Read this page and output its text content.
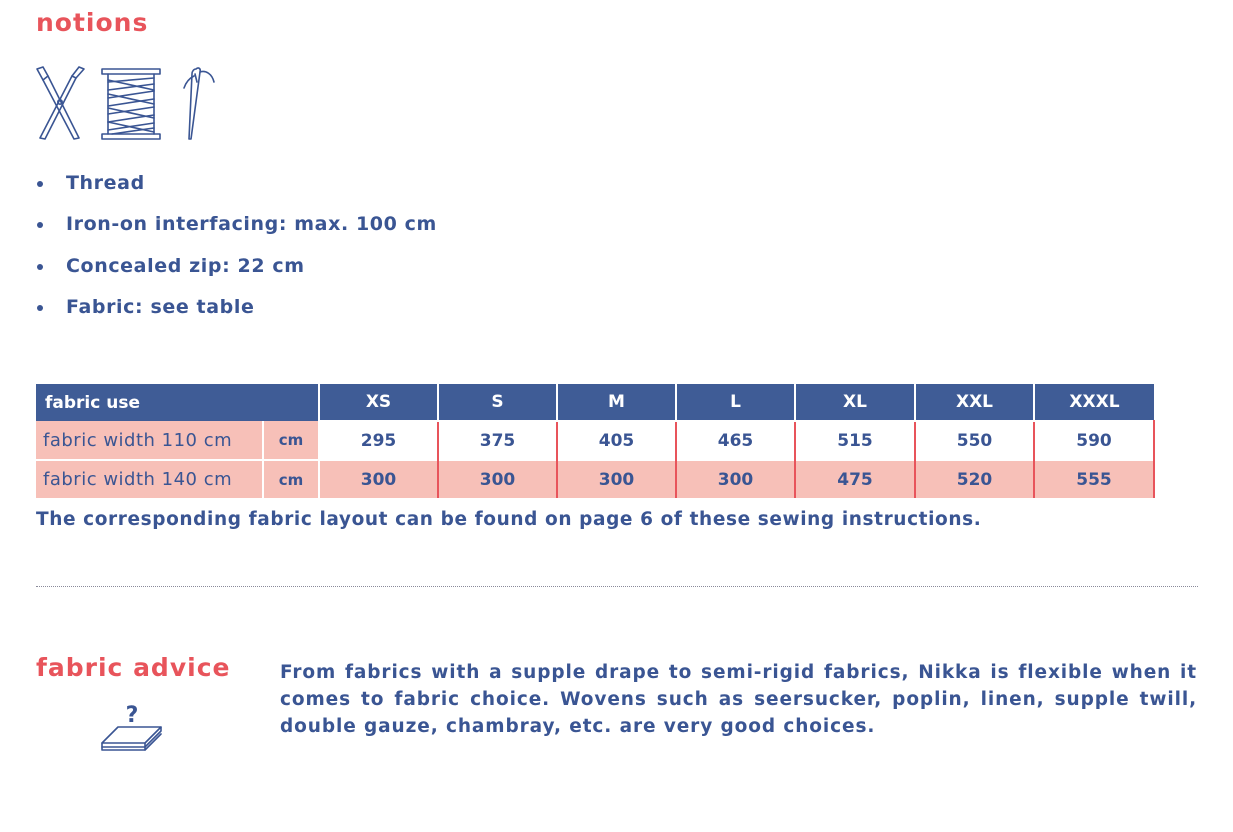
notions
Thread
Iron-on interfacing: max. 100 cm
Concealed zip: 22 cm
Fabric: see table
fabric use		XS	S	M	L	XL	XXL	XXXL
fabric width 110 cm	cm	295	375	405	465	515	550	590
fabric width 140 cm	cm	300	300	300	300	475	520	555
The corresponding fabric layout can be found on page 6 of these sewing instructions.
fabric advice
?

From fabrics with a supple drape to semi-rigid fabrics, Nikka is flexible when it comes to fabric choice. Wovens such as seersucker, poplin, linen, supple twill, double gauze, chambray, etc. are very good choices.
